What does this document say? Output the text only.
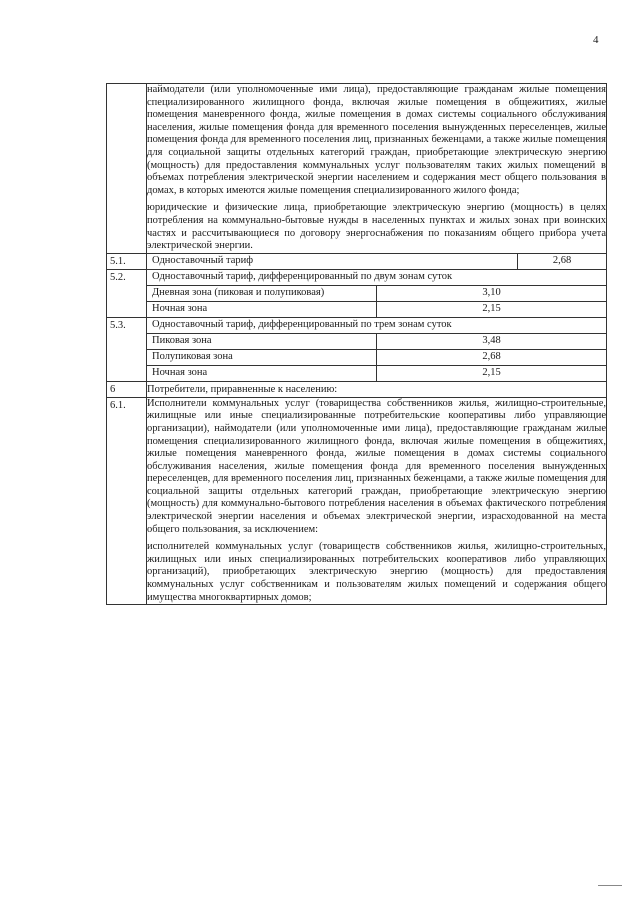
4

наймодатели (или уполномоченные ими лица), предоставляющие гражданам жилые помещения специализированного жилищного фонда, включая жилые помещения в общежитиях, жилые помещения маневренного фонда, жилые помещения в домах системы социального обслуживания населения, жилые помещения фонда для временного поселения вынужденных переселенцев, жилые помещения фонда для временного поселения лиц, признанных беженцами, а также жилые помещения для социальной защиты отдельных категорий граждан, приобретающие электрическую энергию (мощность) для предоставления коммунальных услуг пользователям таких жилых помещений в объемах потребления электрической энергии населением и содержания мест общего пользования в домах, в которых имеются жилые помещения специализированного жилого фонда;

юридические и физические лица, приобретающие электрическую энергию (мощность) в целях потребления на коммунально-бытовые нужды в населенных пунктах и жилых зонах при воинских частях и рассчитывающиеся по договору энергоснабжения по показаниям общего прибора учета электрической энергии.

5.1.		Одноставочный тариф	2,68

5.2.		Одноставочный тариф, дифференцированный по двум зонам суток
Дневная зона (пиковая и полупиковая)	3,10
Ночная зона	2,15

5.3.		Одноставочный тариф, дифференцированный по трем зонам суток
Пиковая зона	3,48
Полупиковая зона	2,68
Ночная зона	2,15

6	Потребители, приравненные к населению:
6.1.	Исполнители коммунальных услуг (товарищества собственников жилья, жилищно-строительные, жилищные или иные специализированные потребительские кооперативы либо управляющие организации), наймодатели (или уполномоченные ими лица), предоставляющие гражданам жилые помещения специализированного жилищного фонда, включая жилые помещения в общежитиях, жилые помещения маневренного фонда, жилые помещения в домах системы социального обслуживания населения, жилые помещения фонда для временного поселения вынужденных переселенцев, для временного поселения лиц, признанных беженцами, а также жилые помещения для социальной защиты отдельных категорий граждан, приобретающие электрическую энергию (мощность) для коммунально-бытового потребления населения в объемах фактического потребления электрической энергии населения и объемах электрической энергии, израсходованной на места общего пользования, за исключением:

исполнителей коммунальных услуг (товариществ собственников жилья, жилищно-строительных, жилищных или иных специализированных потребительских кооперативов либо управляющих организаций), приобретающих электрическую энергию (мощность) для предоставления коммунальных услуг собственникам и пользователям жилых помещений и содержания общего имущества многоквартирных домов;
